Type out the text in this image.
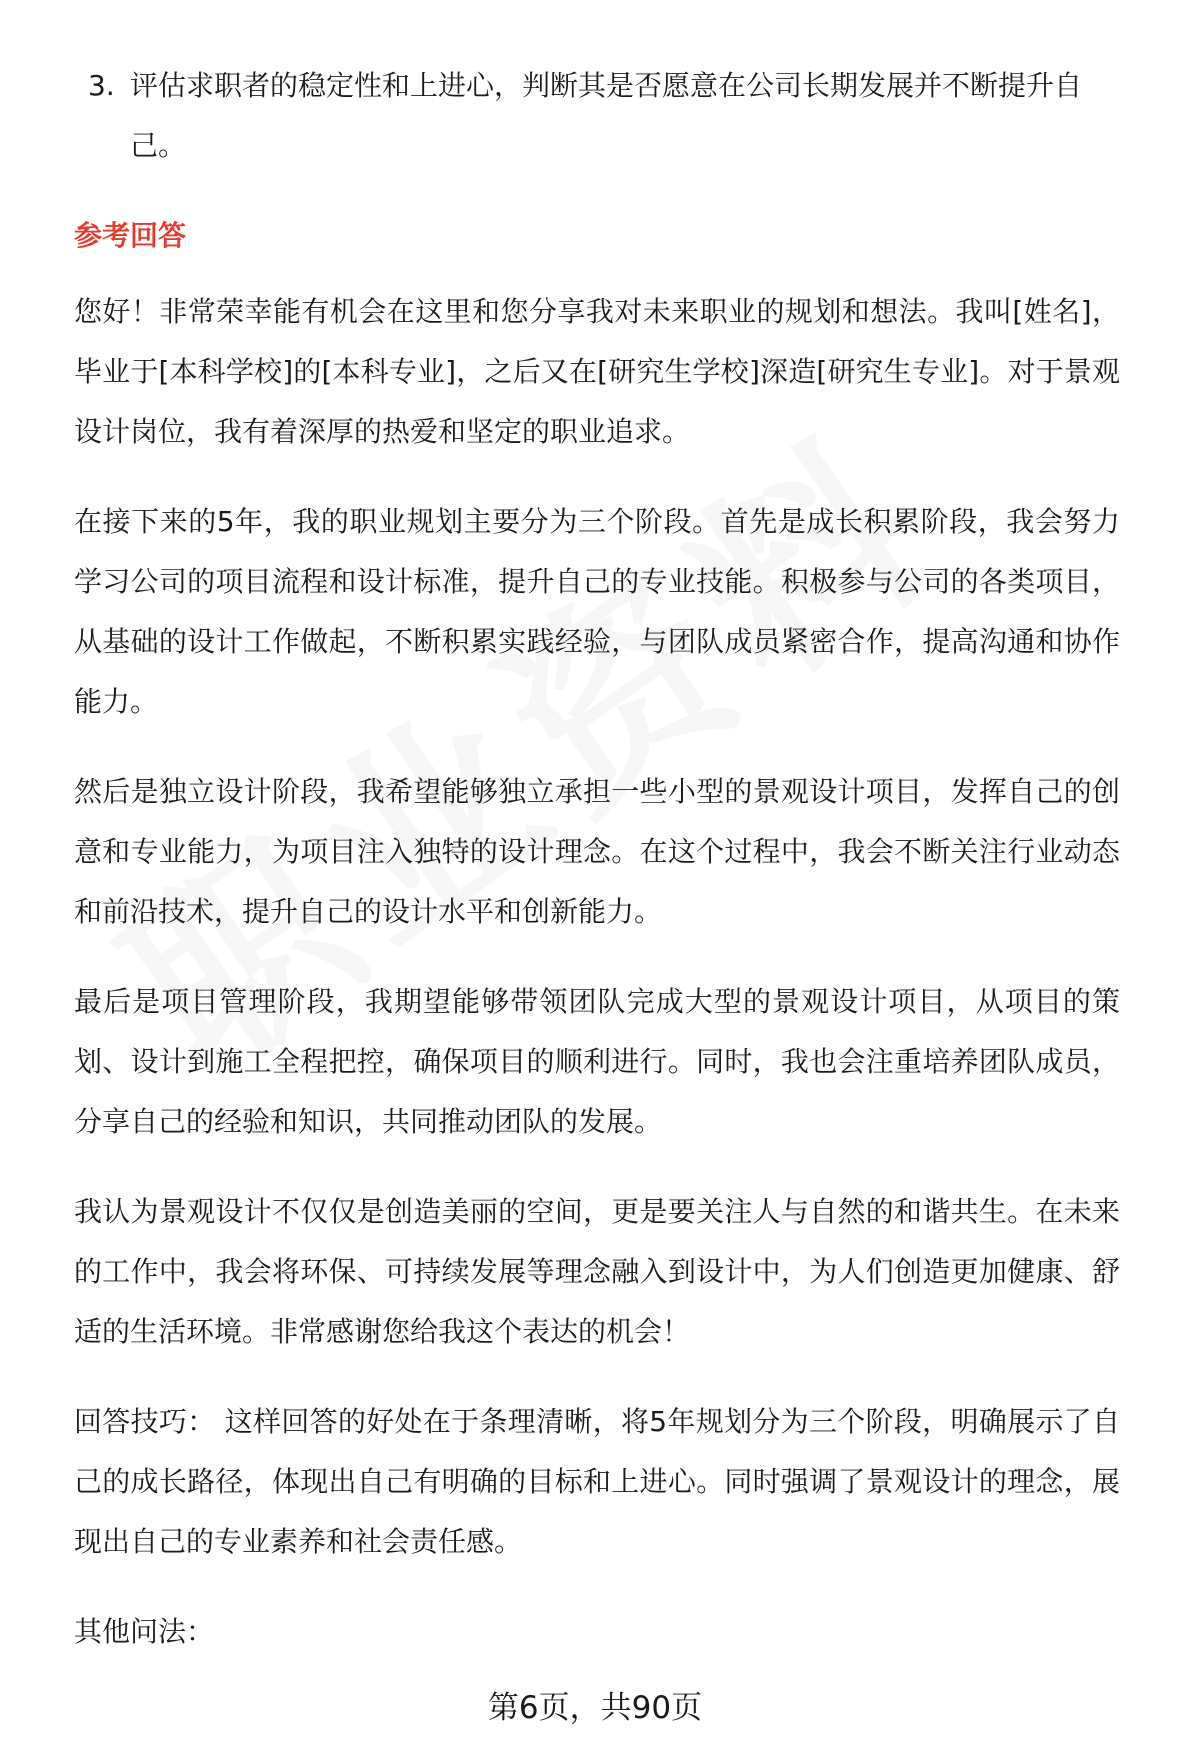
3. 评估求职者的稳定性和上进心，判断其是否愿意在公司长期发展并不断提升自己。
参考回答

您好！非常荣幸能有机会在这里和您分享我对未来职业的规划和想法。我叫[姓名]，毕业于[本科学校]的[本科专业]，之后又在[研究生学校]深造[研究生专业]。对于景观设计岗位，我有着深厚的热爱和坚定的职业追求。

在接下来的5年，我的职业规划主要分为三个阶段。首先是成长积累阶段，我会努力学习公司的项目流程和设计标准，提升自己的专业技能。积极参与公司的各类项目，从基础的设计工作做起，不断积累实践经验，与团队成员紧密合作，提高沟通和协作能力。

然后是独立设计阶段，我希望能够独立承担一些小型的景观设计项目，发挥自己的创意和专业能力，为项目注入独特的设计理念。在这个过程中，我会不断关注行业动态和前沿技术，提升自己的设计水平和创新能力。

最后是项目管理阶段，我期望能够带领团队完成大型的景观设计项目，从项目的策划、设计到施工全程把控，确保项目的顺利进行。同时，我也会注重培养团队成员，分享自己的经验和知识，共同推动团队的发展。

我认为景观设计不仅仅是创造美丽的空间，更是要关注人与自然的和谐共生。在未来的工作中，我会将环保、可持续发展等理念融入到设计中，为人们创造更加健康、舒适的生活环境。非常感谢您给我这个表达的机会！

回答技巧： 这样回答的好处在于条理清晰，将5年规划分为三个阶段，明确展示了自己的成长路径，体现出自己有明确的目标和上进心。同时强调了景观设计的理念，展现出自己的专业素养和社会责任感。

其他问法：

第6页，共90页
